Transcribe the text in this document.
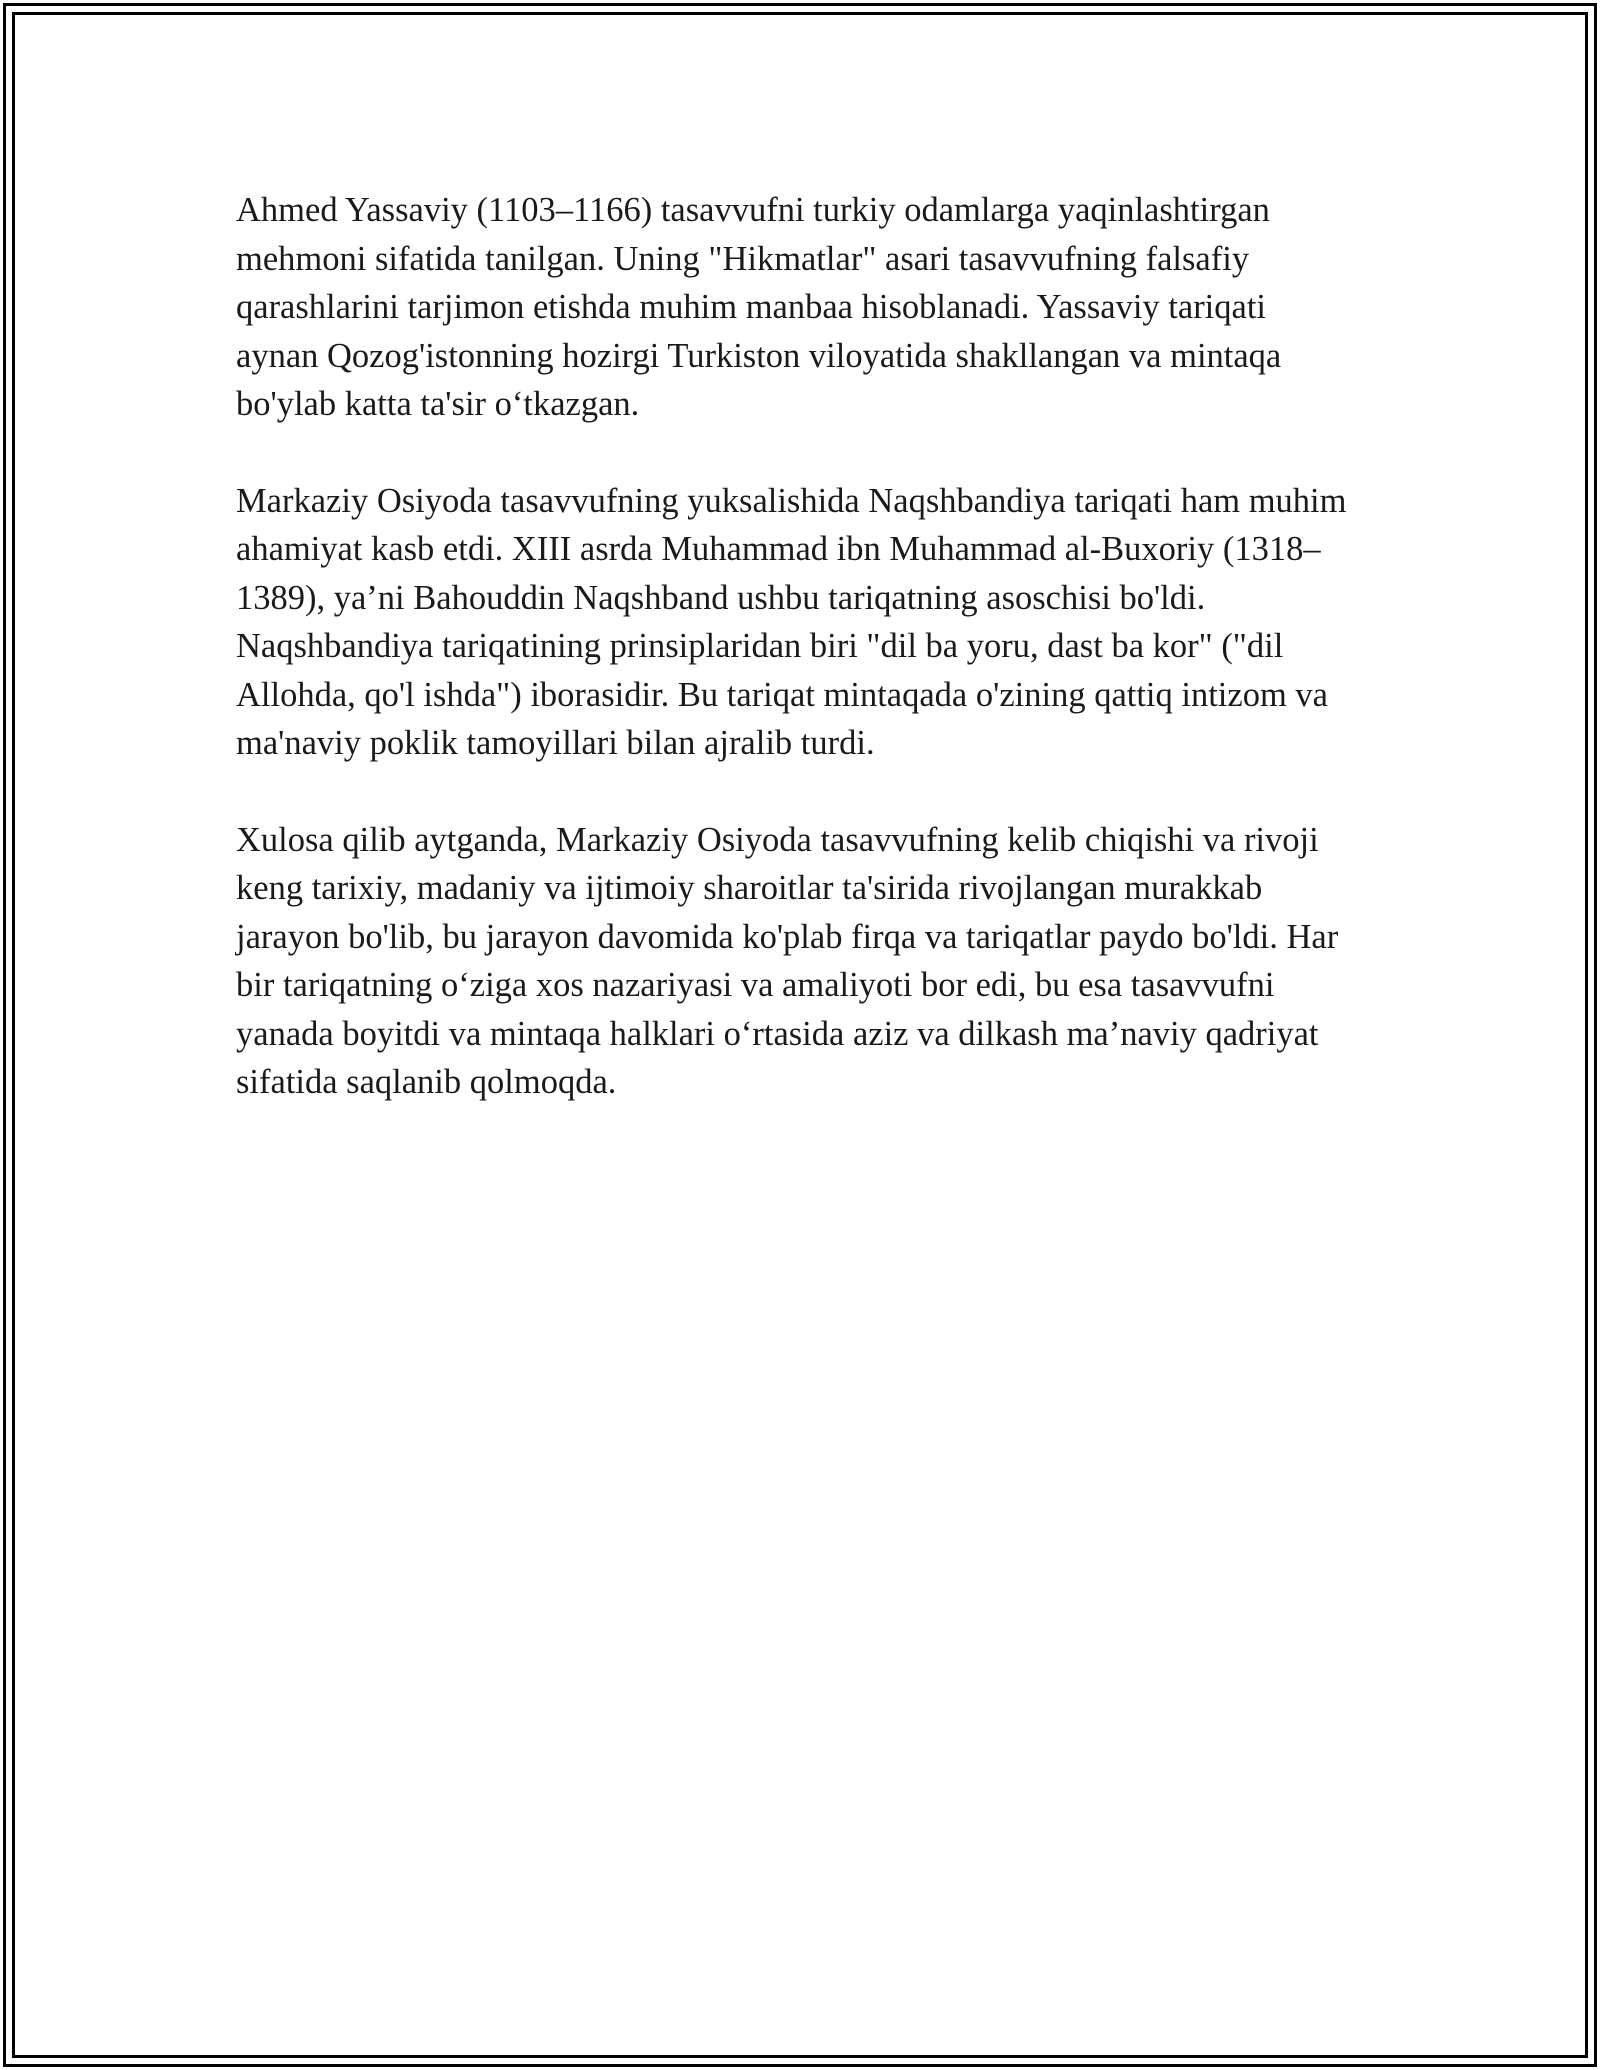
Ahmed Yassaviy (1103–1166) tasavvufni turkiy odamlarga yaqinlashtirgan mehmoni sifatida tanilgan. Uning "Hikmatlar" asari tasavvufning falsafiy qarashlarini tarjimon etishda muhim manbaa hisoblanadi. Yassaviy tariqati aynan Qozog'istonning hozirgi Turkiston viloyatida shakllangan va mintaqa bo'ylab katta ta'sir oʻtkazgan.

Markaziy Osiyoda tasavvufning yuksalishida Naqshbandiya tariqati ham muhim ahamiyat kasb etdi. XIII asrda Muhammad ibn Muhammad al-Buxoriy (1318–1389), ya’ni Bahouddin Naqshband ushbu tariqatning asoschisi bo'ldi. Naqshbandiya tariqatining prinsiplaridan biri "dil ba yoru, dast ba kor" ("dil Allohda, qo'l ishda") iborasidir. Bu tariqat mintaqada o'zining qattiq intizom va ma'naviy poklik tamoyillari bilan ajralib turdi.

Xulosa qilib aytganda, Markaziy Osiyoda tasavvufning kelib chiqishi va rivoji keng tarixiy, madaniy va ijtimoiy sharoitlar ta'sirida rivojlangan murakkab jarayon bo'lib, bu jarayon davomida ko'plab firqa va tariqatlar paydo bo'ldi. Har bir tariqatning oʻziga xos nazariyasi va amaliyoti bor edi, bu esa tasavvufni yanada boyitdi va mintaqa halklari oʻrtasida aziz va dilkash ma’naviy qadriyat sifatida saqlanib qolmoqda.
